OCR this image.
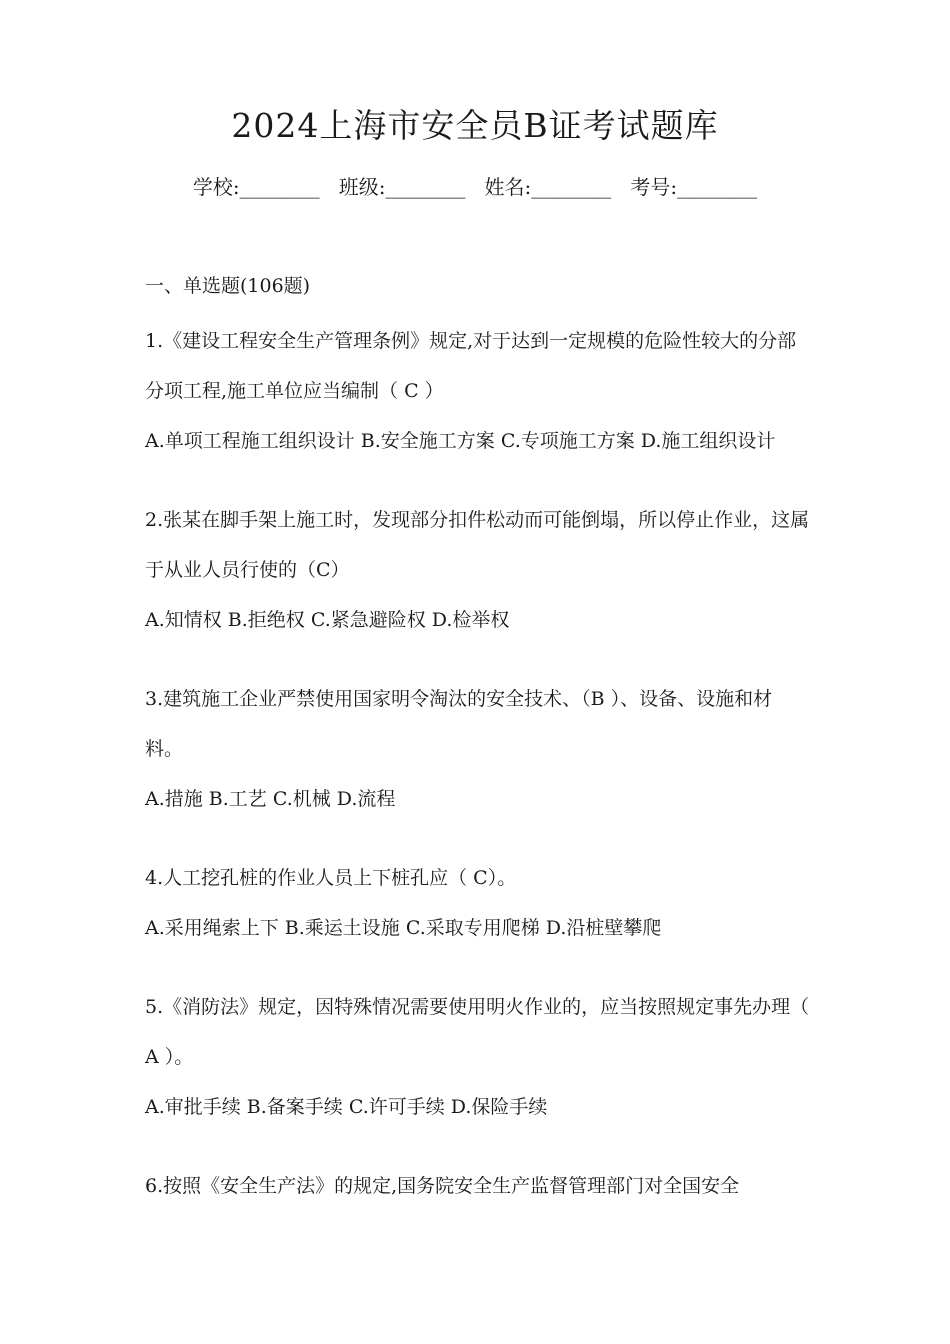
2024上海市安全员B证考试题库
学校:________ 班级:________ 姓名:________ 考号:________
一、单选题(106题)

1.《建设工程安全生产管理条例》规定,对于达到一定规模的危险性较大的分部分项工程,施工单位应当编制（ C ）

A.单项工程施工组织设计 B.安全施工方案 C.专项施工方案 D.施工组织设计

2.张某在脚手架上施工时，发现部分扣件松动而可能倒塌，所以停止作业，这属于从业人员行使的（C）

A.知情权 B.拒绝权 C.紧急避险权 D.检举权

3.建筑施工企业严禁使用国家明令淘汰的安全技术、（B ）、设备、设施和材料。

A.措施 B.工艺 C.机械 D.流程

4.人工挖孔桩的作业人员上下桩孔应（ C）。

A.采用绳索上下 B.乘运土设施 C.采取专用爬梯 D.沿桩壁攀爬

5.《消防法》规定，因特殊情况需要使用明火作业的，应当按照规定事先办理（ A ）。

A.审批手续 B.备案手续 C.许可手续 D.保险手续

6.按照《安全生产法》的规定,国务院安全生产监督管理部门对全国安全
